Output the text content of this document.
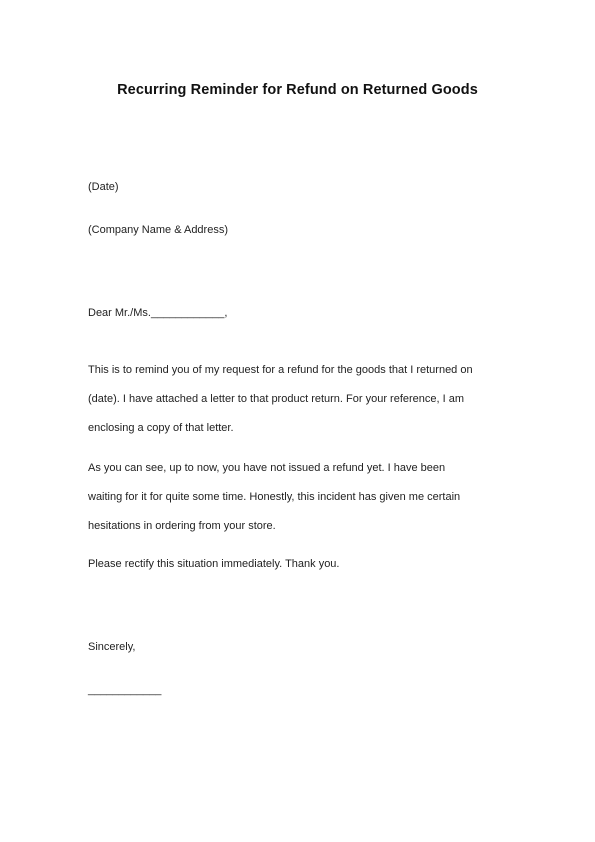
Recurring Reminder for Refund on Returned Goods
(Date)
(Company Name & Address)
Dear Mr./Ms.____________,
This is to remind you of my request for a refund for the goods that I returned on
(date). I have attached a letter to that product return. For your reference, I am
enclosing a copy of that letter.
As you can see, up to now, you have not issued a refund yet. I have been
waiting for it for quite some time. Honestly, this incident has given me certain
hesitations in ordering from your store.
Please rectify this situation immediately. Thank you.
Sincerely,
____________
